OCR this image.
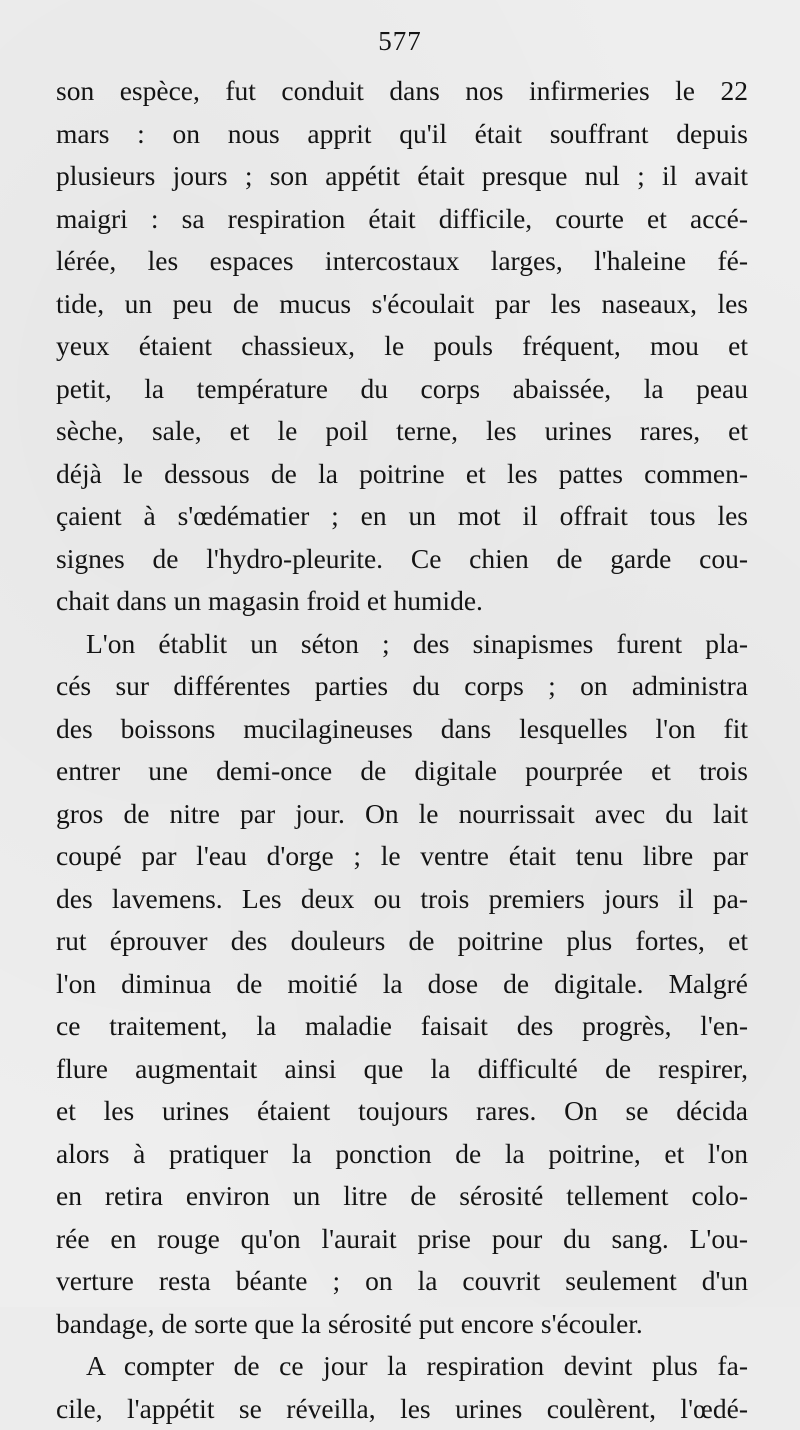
577
son espèce, fut conduit dans nos infirmeries le 22
mars : on nous apprit qu'il était souffrant depuis
plusieurs jours ; son appétit était presque nul ; il avait
maigri : sa respiration était difficile, courte et accé-
lérée, les espaces intercostaux larges, l'haleine fé-
tide, un peu de mucus s'écoulait par les naseaux, les
yeux étaient chassieux, le pouls fréquent, mou et
petit, la température du corps abaissée, la peau
sèche, sale, et le poil terne, les urines rares, et
déjà le dessous de la poitrine et les pattes commen-
çaient à s'œdématier ; en un mot il offrait tous les
signes de l'hydro-pleurite. Ce chien de garde cou-
chait dans un magasin froid et humide.
L'on établit un séton ; des sinapismes furent pla-
cés sur différentes parties du corps ; on administra
des boissons mucilagineuses dans lesquelles l'on fit
entrer une demi-once de digitale pourprée et trois
gros de nitre par jour. On le nourrissait avec du lait
coupé par l'eau d'orge ; le ventre était tenu libre par
des lavemens. Les deux ou trois premiers jours il pa-
rut éprouver des douleurs de poitrine plus fortes, et
l'on diminua de moitié la dose de digitale. Malgré
ce traitement, la maladie faisait des progrès, l'en-
flure augmentait ainsi que la difficulté de respirer,
et les urines étaient toujours rares. On se décida
alors à pratiquer la ponction de la poitrine, et l'on
en retira environ un litre de sérosité tellement colo-
rée en rouge qu'on l'aurait prise pour du sang. L'ou-
verture resta béante ; on la couvrit seulement d'un
bandage, de sorte que la sérosité put encore s'écouler.
A compter de ce jour la respiration devint plus fa-
cile, l'appétit se réveilla, les urines coulèrent, l'œdé-
